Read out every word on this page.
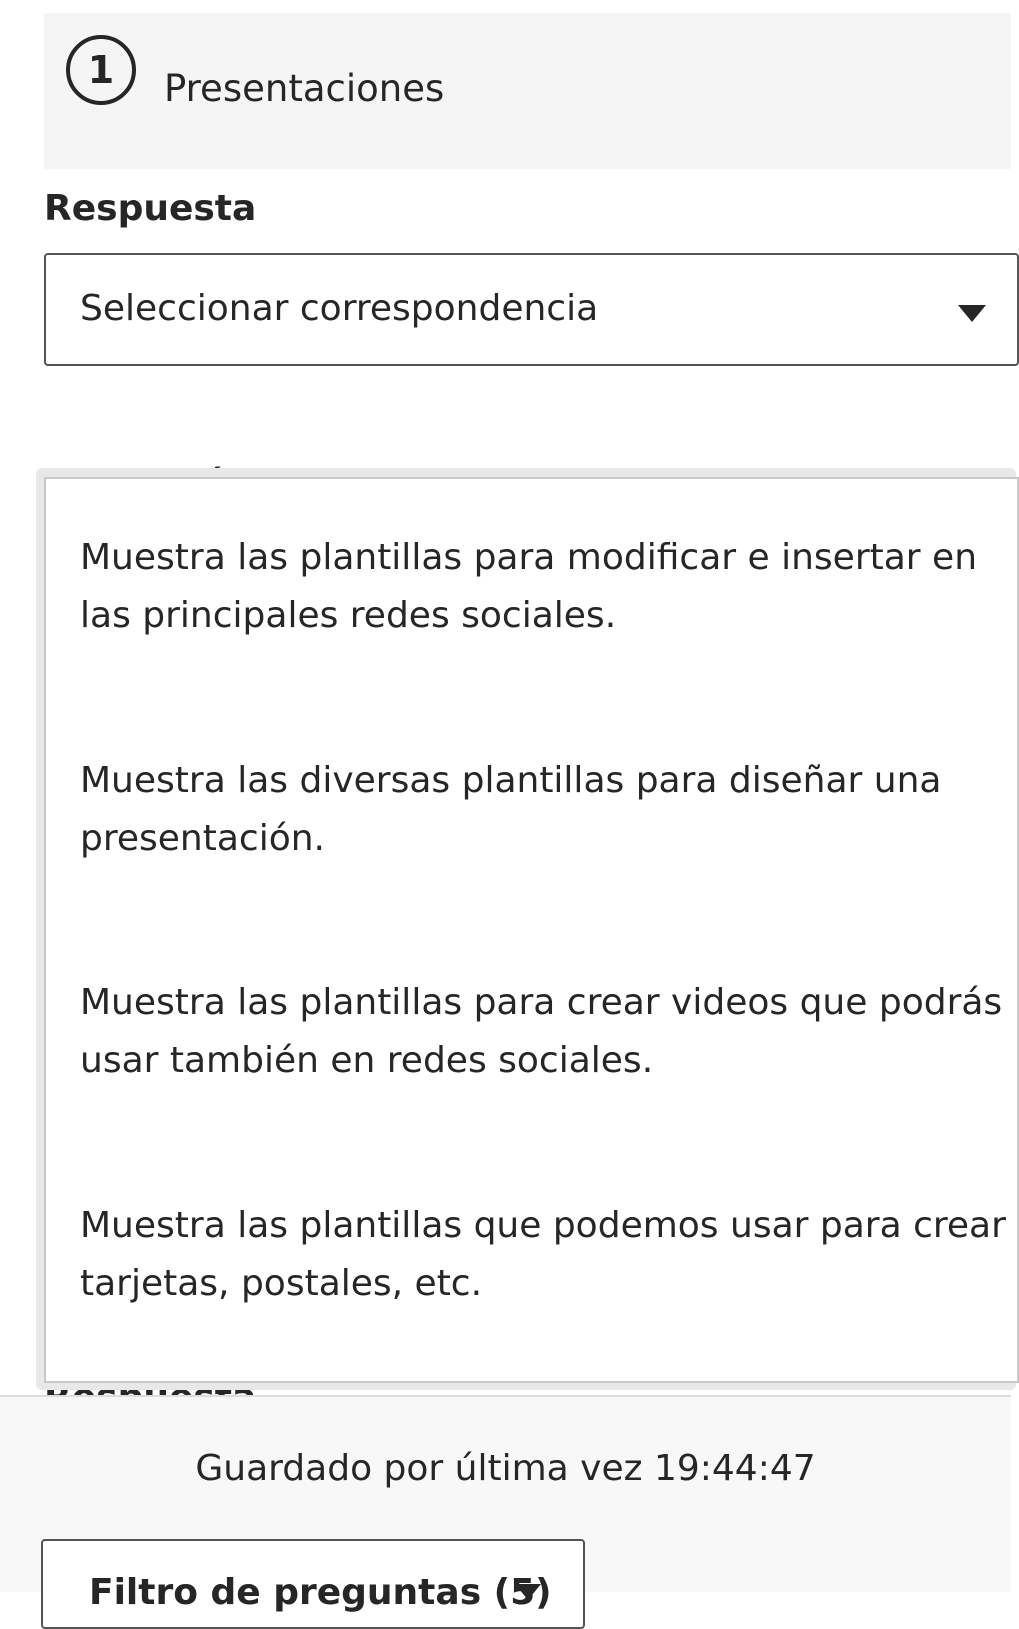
1	Presentaciones
Respuesta
Seleccionar correspondencia
Muestra las plantillas para modificar e insertar en las principales redes sociales.
Muestra las diversas plantillas para diseñar una presentación.
Muestra las plantillas para crear videos que podrás usar también en redes sociales.
Muestra las plantillas que podemos usar para crear tarjetas, postales, etc.
Guardado por última vez 19:44:47
Filtro de preguntas (5)
